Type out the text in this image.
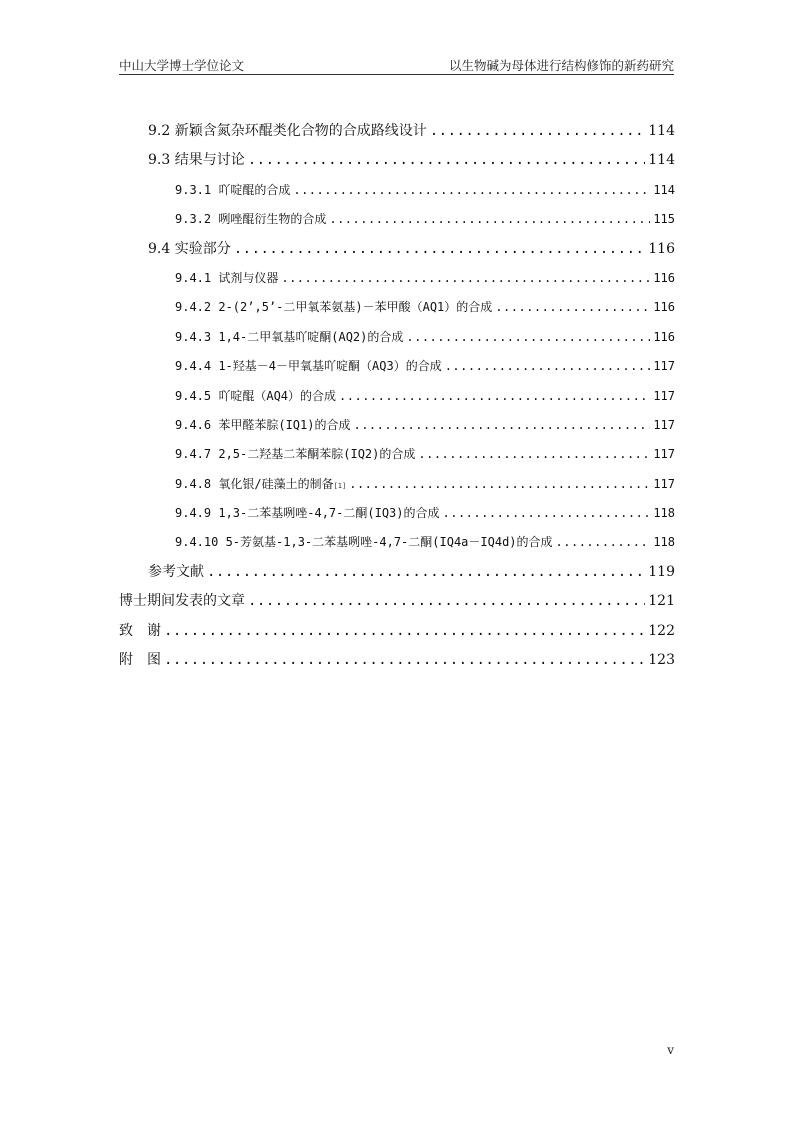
中山大学博士学位论文	以生物碱为母体进行结构修饰的新药研究
9.2 新颖含氮杂环醌类化合物的合成路线设计 .....	114
9.3 结果与讨论 .....	114
9.3.1 吖啶醌的合成 .....	114
9.3.2 咧唑醌衍生物的合成 .....	115
9.4 实验部分 .....	116
9.4.1 试剂与仪器 .....	116
9.4.2 2-(2’,5’-二甲氧苯氨基)－苯甲酸（AQ1）的合成 .....	116
9.4.3 1,4-二甲氧基吖啶酮(AQ2)的合成 .....	116
9.4.4 1-羟基－4－甲氧基吖啶酮（AQ3）的合成 .....	117
9.4.5 吖啶醌（AQ4）的合成 .....	117
9.4.6 苯甲醛苯腙(IQ1)的合成 .....	117
9.4.7 2,5-二羟基二苯酮苯腙(IQ2)的合成 .....	117
9.4.8 氧化银/硅藻土的制备 [1] .....	117
9.4.9 1,3-二苯基咧唑-4,7-二酮(IQ3)的合成 .....	118
9.4.10 5-芳氨基-1,3-二苯基咧唑-4,7-二酮(IQ4a－IQ4d)的合成 .....	118
参考文献 .....	119
博士期间发表的文章 .....	121
致　谢 .....	122
附　图 .....	123
v
